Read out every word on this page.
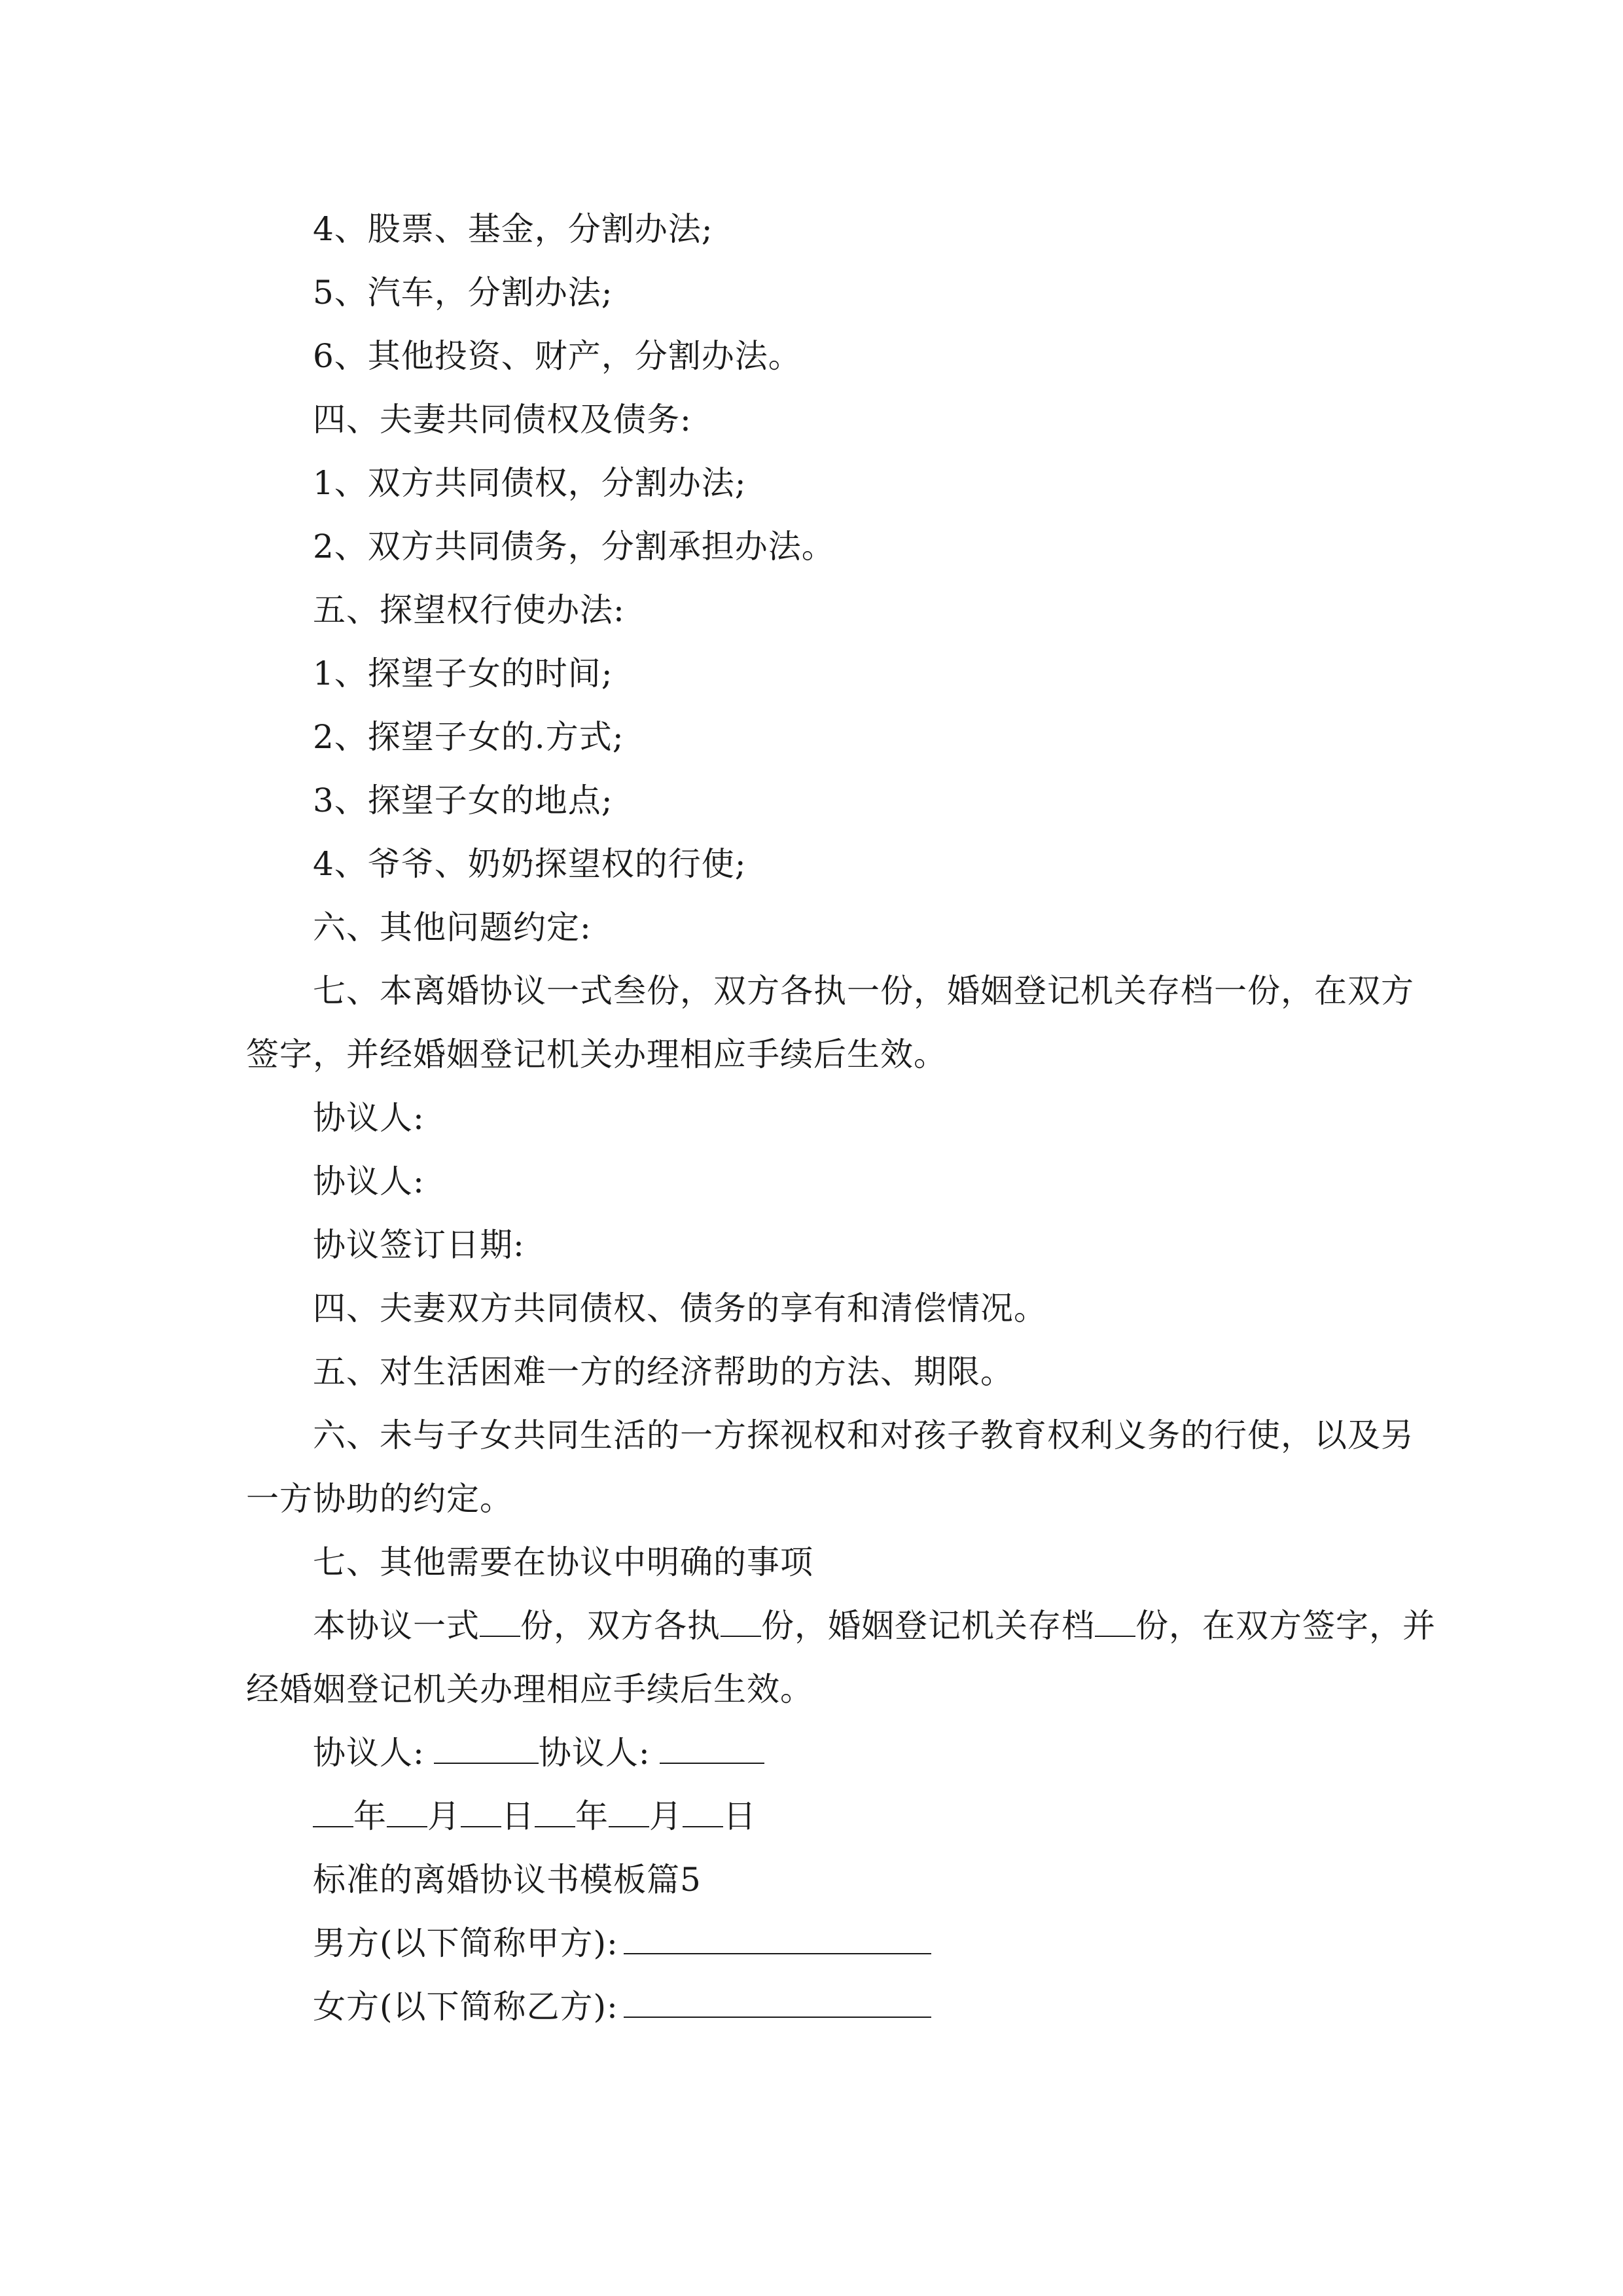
4、股票、基金，分割办法;
5、汽车，分割办法;
6、其他投资、财产，分割办法。
四、夫妻共同债权及债务:
1、双方共同债权，分割办法;
2、双方共同债务，分割承担办法。
五、探望权行使办法:
1、探望子女的时间;
2、探望子女的.方式;
3、探望子女的地点;
4、爷爷、奶奶探望权的行使;
六、其他问题约定:
七、本离婚协议一式叁份，双方各执一份，婚姻登记机关存档一份，在双方
签字，并经婚姻登记机关办理相应手续后生效。
协议人:
协议人:
协议签订日期:
四、夫妻双方共同债权、债务的享有和清偿情况。
五、对生活困难一方的经济帮助的方法、期限。
六、未与子女共同生活的一方探视权和对孩子教育权利义务的行使，以及另
一方协助的约定。
七、其他需要在协议中明确的事项
本协议一式 份，双方各执 份，婚姻登记机关存档 份，在双方签字，并
经婚姻登记机关办理相应手续后生效。
协议人:	协议人:
年 月 日 年 月 日
标准的离婚协议书模板篇5
男方(以下简称甲方):
女方(以下简称乙方):
